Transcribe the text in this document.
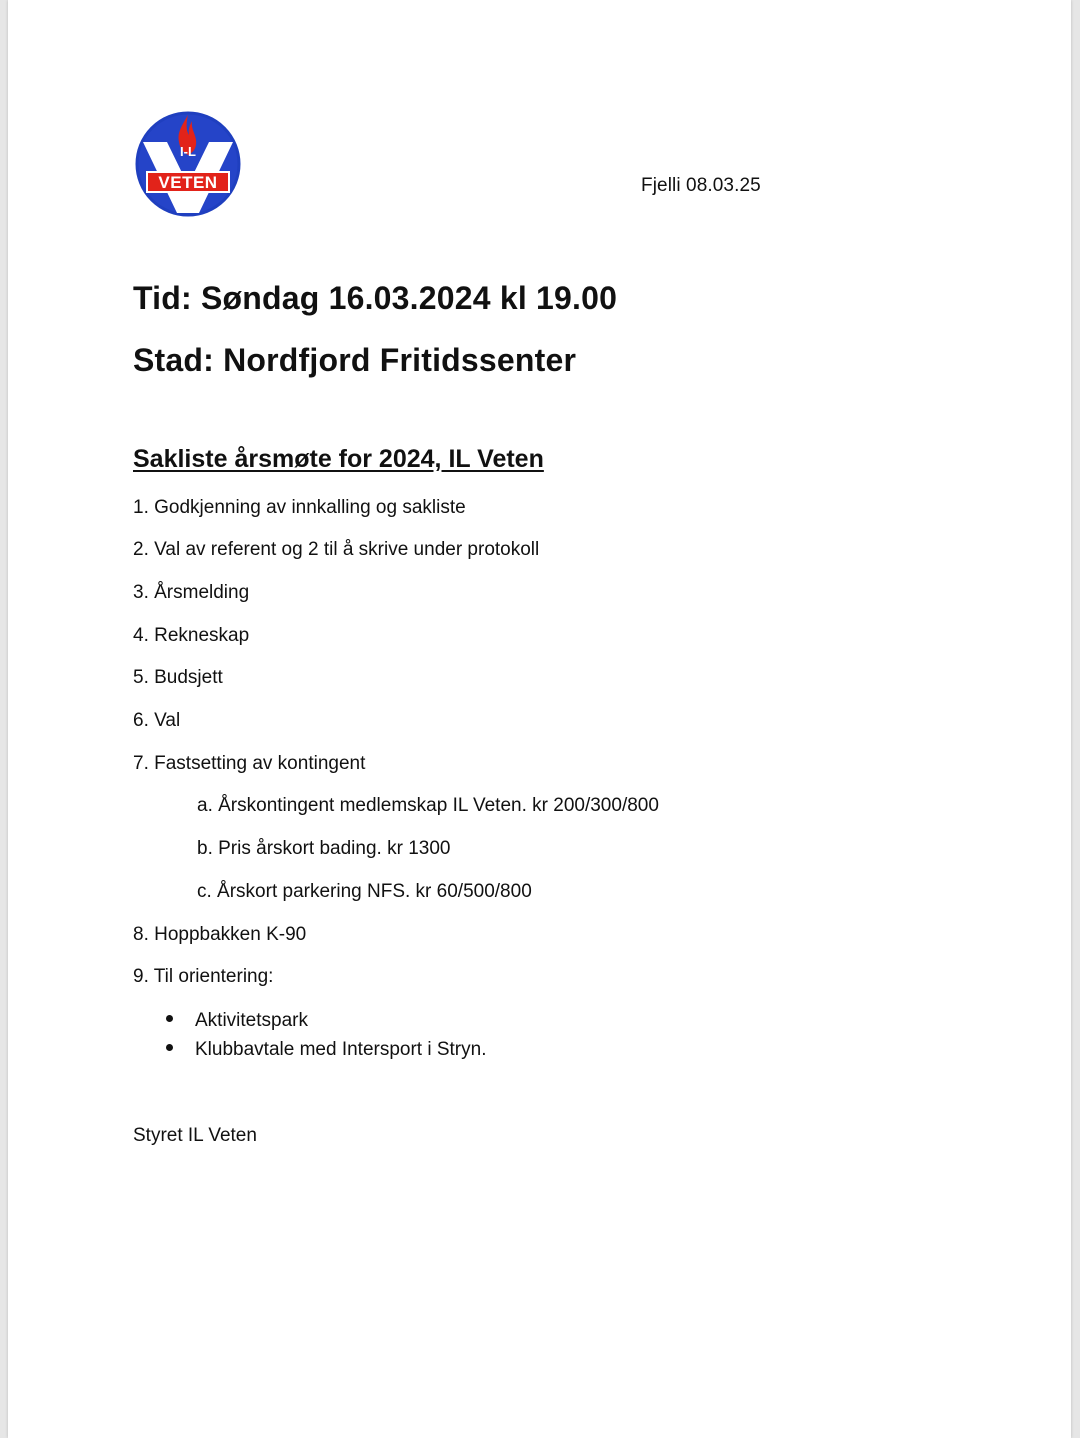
I-L
VETEN	Fjelli 08.03.25
Tid: Søndag 16.03.2024 kl 19.00
Stad: Nordfjord Fritidssenter
Sakliste årsmøte for 2024, IL Veten
1. Godkjenning av innkalling og sakliste
2. Val av referent og 2 til å skrive under protokoll
3. Årsmelding
4. Rekneskap
5. Budsjett
6. Val
7. Fastsetting av kontingent
a. Årskontingent medlemskap IL Veten. kr 200/300/800
b. Pris årskort bading. kr 1300
c. Årskort parkering NFS. kr 60/500/800
8. Hoppbakken K-90
9. Til orientering:
Aktivitetspark
Klubbavtale med Intersport i Stryn.
Styret IL Veten
